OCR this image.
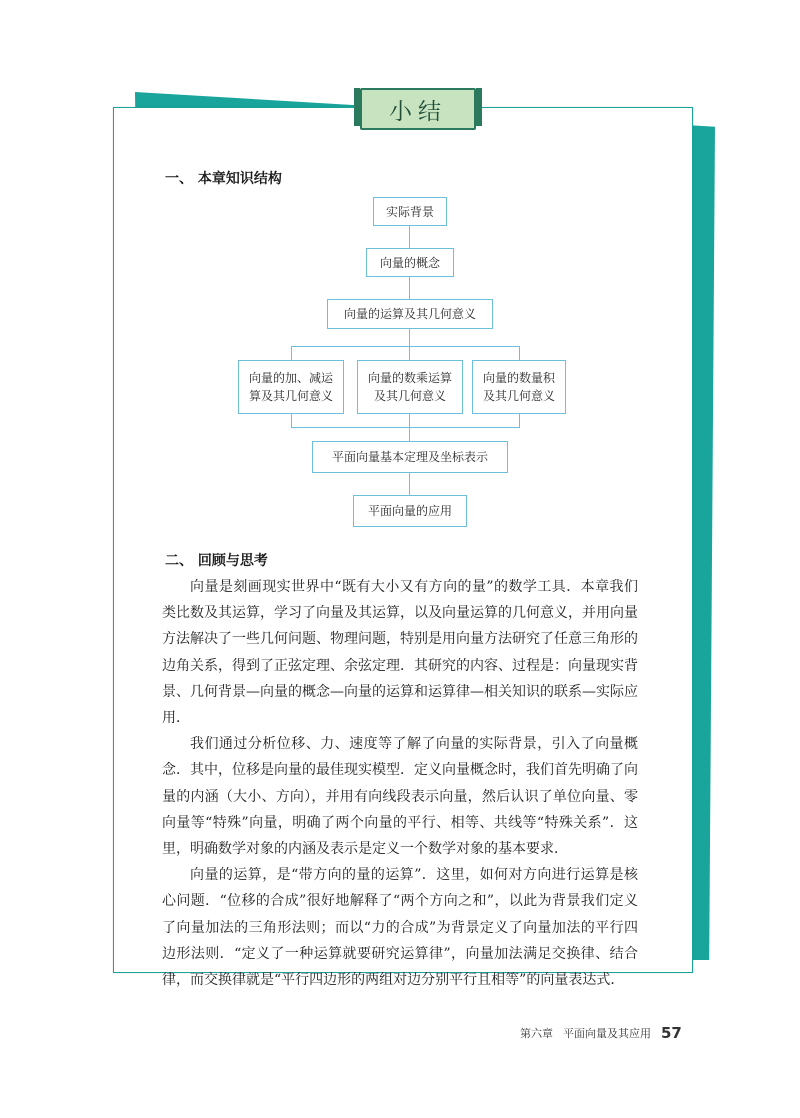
小结
一、 本章知识结构
实际背景
向量的概念
向量的运算及其几何意义
向量的加、减运
算及其几何意义
向量的数乘运算
及其几何意义
向量的数量积
及其几何意义
平面向量基本定理及坐标表示
平面向量的应用
二、 回顾与思考

向量是刻画现实世界中“既有大小又有方向的量”的数学工具．本章我们类比数及其运算，学习了向量及其运算，以及向量运算的几何意义，并用向量方法解决了一些几何问题、物理问题，特别是用向量方法研究了任意三角形的边角关系，得到了正弦定理、余弦定理．其研究的内容、过程是：向量现实背景、几何背景—向量的概念—向量的运算和运算律—相关知识的联系—实际应用．

我们通过分析位移、力、速度等了解了向量的实际背景，引入了向量概念．其中，位移是向量的最佳现实模型．定义向量概念时，我们首先明确了向量的内涵（大小、方向），并用有向线段表示向量，然后认识了单位向量、零向量等“特殊”向量，明确了两个向量的平行、相等、共线等“特殊关系”．这里，明确数学对象的内涵及表示是定义一个数学对象的基本要求．

向量的运算，是“带方向的量的运算”．这里，如何对方向进行运算是核心问题．“位移的合成”很好地解释了“两个方向之和”，以此为背景我们定义了向量加法的三角形法则；而以“力的合成”为背景定义了向量加法的平行四边形法则．“定义了一种运算就要研究运算律”，向量加法满足交换律、结合律，而交换律就是“平行四边形的两组对边分别平行且相等”的向量表达式．

第六章 平面向量及其应用 57
